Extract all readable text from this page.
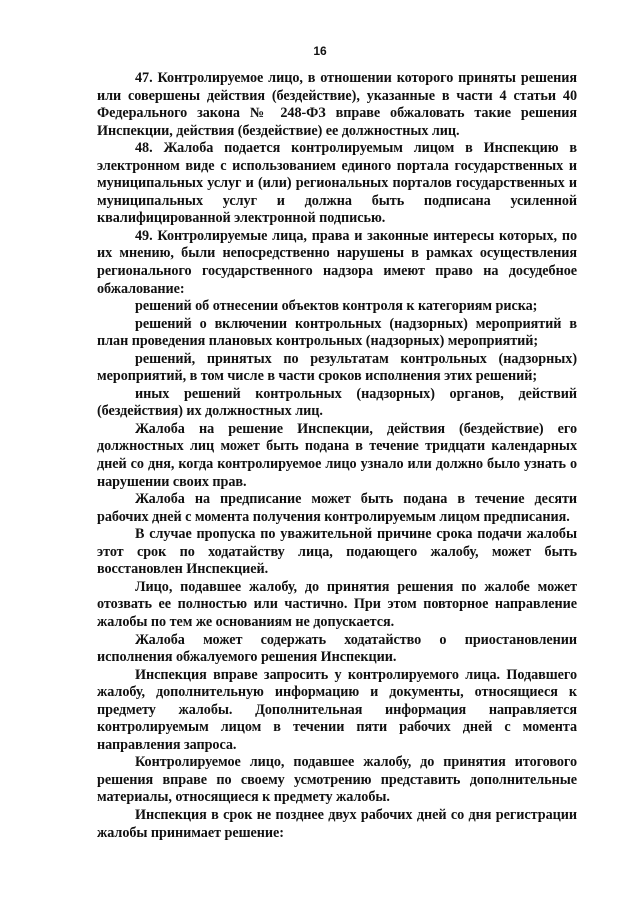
16

47. Контролируемое лицо, в отношении которого приняты решения или совершены действия (бездействие), указанные в части 4 статьи 40 Федерального закона № 248-ФЗ вправе обжаловать такие решения Инспекции, действия (бездействие) ее должностных лиц.

48. Жалоба подается контролируемым лицом в Инспекцию в электронном виде с использованием единого портала государственных и муниципальных услуг и (или) региональных порталов государственных и муниципальных услуг и должна быть подписана усиленной квалифицированной электронной подписью.

49. Контролируемые лица, права и законные интересы которых, по их мнению, были непосредственно нарушены в рамках осуществления регионального государственного надзора имеют право на досудебное обжалование:

решений об отнесении объектов контроля к категориям риска;

решений о включении контрольных (надзорных) мероприятий в план проведения плановых контрольных (надзорных) мероприятий;

решений, принятых по результатам контрольных (надзорных) мероприятий, в том числе в части сроков исполнения этих решений;

иных решений контрольных (надзорных) органов, действий (бездействия) их должностных лиц.

Жалоба на решение Инспекции, действия (бездействие) его должностных лиц может быть подана в течение тридцати календарных дней со дня, когда контролируемое лицо узнало или должно было узнать о нарушении своих прав.

Жалоба на предписание может быть подана в течение десяти рабочих дней с момента получения контролируемым лицом предписания.

В случае пропуска по уважительной причине срока подачи жалобы этот срок по ходатайству лица, подающего жалобу, может быть восстановлен Инспекцией.

Лицо, подавшее жалобу, до принятия решения по жалобе может отозвать ее полностью или частично. При этом повторное направление жалобы по тем же основаниям не допускается.

Жалоба может содержать ходатайство о приостановлении исполнения обжалуемого решения Инспекции.

Инспекция вправе запросить у контролируемого лица. Подавшего жалобу, дополнительную информацию и документы, относящиеся к предмету жалобы. Дополнительная информация направляется контролируемым лицом в течении пяти рабочих дней с момента направления запроса.

Контролируемое лицо, подавшее жалобу, до принятия итогового решения вправе по своему усмотрению представить дополнительные материалы, относящиеся к предмету жалобы.

Инспекция в срок не позднее двух рабочих дней со дня регистрации жалобы принимает решение:
